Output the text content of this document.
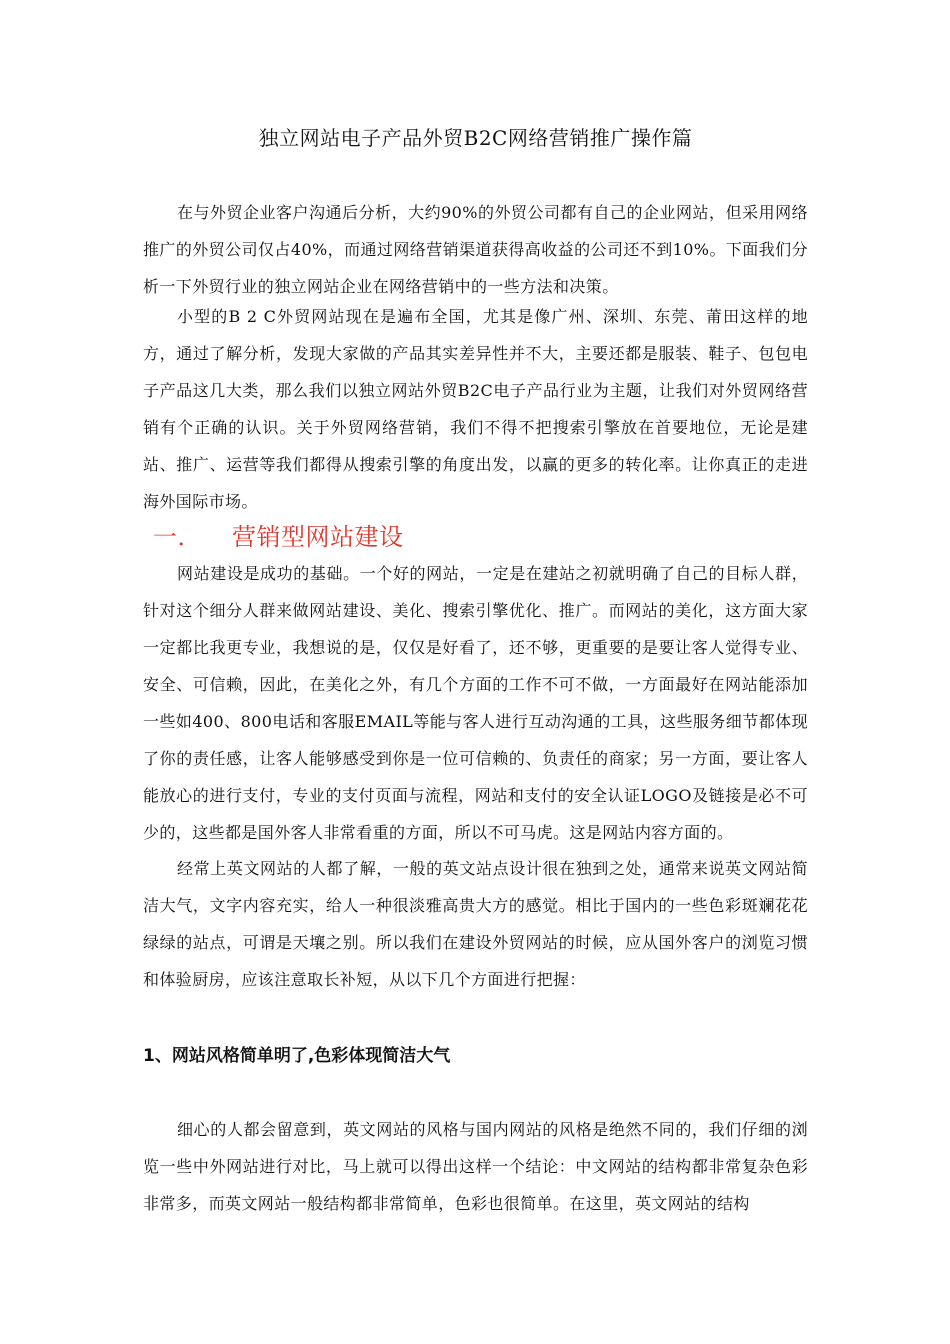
独立网站电子产品外贸B2C网络营销推广操作篇

在与外贸企业客户沟通后分析，大约90%的外贸公司都有自己的企业网站，但采用网络推广的外贸公司仅占40%，而通过网络营销渠道获得高收益的公司还不到10%。下面我们分析一下外贸行业的独立网站企业在网络营销中的一些方法和决策。

小型的B 2 C外贸网站现在是遍布全国，尤其是像广州、深圳、东莞、莆田这样的地方，通过了解分析，发现大家做的产品其实差异性并不大，主要还都是服装、鞋子、包包电子产品这几大类，那么我们以独立网站外贸B2C电子产品行业为主题，让我们对外贸网络营销有个正确的认识。关于外贸网络营销，我们不得不把搜索引擎放在首要地位，无论是建站、推广、运营等我们都得从搜索引擎的角度出发，以赢的更多的转化率。让你真正的走进海外国际市场。

一． 营销型网站建设

网站建设是成功的基础。一个好的网站，一定是在建站之初就明确了自己的目标人群，针对这个细分人群来做网站建设、美化、搜索引擎优化、推广。而网站的美化，这方面大家一定都比我更专业，我想说的是，仅仅是好看了，还不够，更重要的是要让客人觉得专业、安全、可信赖，因此，在美化之外，有几个方面的工作不可不做，一方面最好在网站能添加一些如400、800电话和客服EMAIL等能与客人进行互动沟通的工具，这些服务细节都体现了你的责任感，让客人能够感受到你是一位可信赖的、负责任的商家；另一方面，要让客人能放心的进行支付，专业的支付页面与流程，网站和支付的安全认证LOGO及链接是必不可少的，这些都是国外客人非常看重的方面，所以不可马虎。这是网站内容方面的。

经常上英文网站的人都了解，一般的英文站点设计很在独到之处，通常来说英文网站简洁大气，文字内容充实，给人一种很淡雅高贵大方的感觉。相比于国内的一些色彩斑斓花花绿绿的站点，可谓是天壤之别。所以我们在建设外贸网站的时候，应从国外客户的浏览习惯和体验厨房，应该注意取长补短，从以下几个方面进行把握：

1、网站风格简单明了,色彩体现简洁大气

细心的人都会留意到，英文网站的风格与国内网站的风格是绝然不同的，我们仔细的浏览一些中外网站进行对比，马上就可以得出这样一个结论：中文网站的结构都非常复杂色彩非常多，而英文网站一般结构都非常简单，色彩也很简单。在这里，英文网站的结构
